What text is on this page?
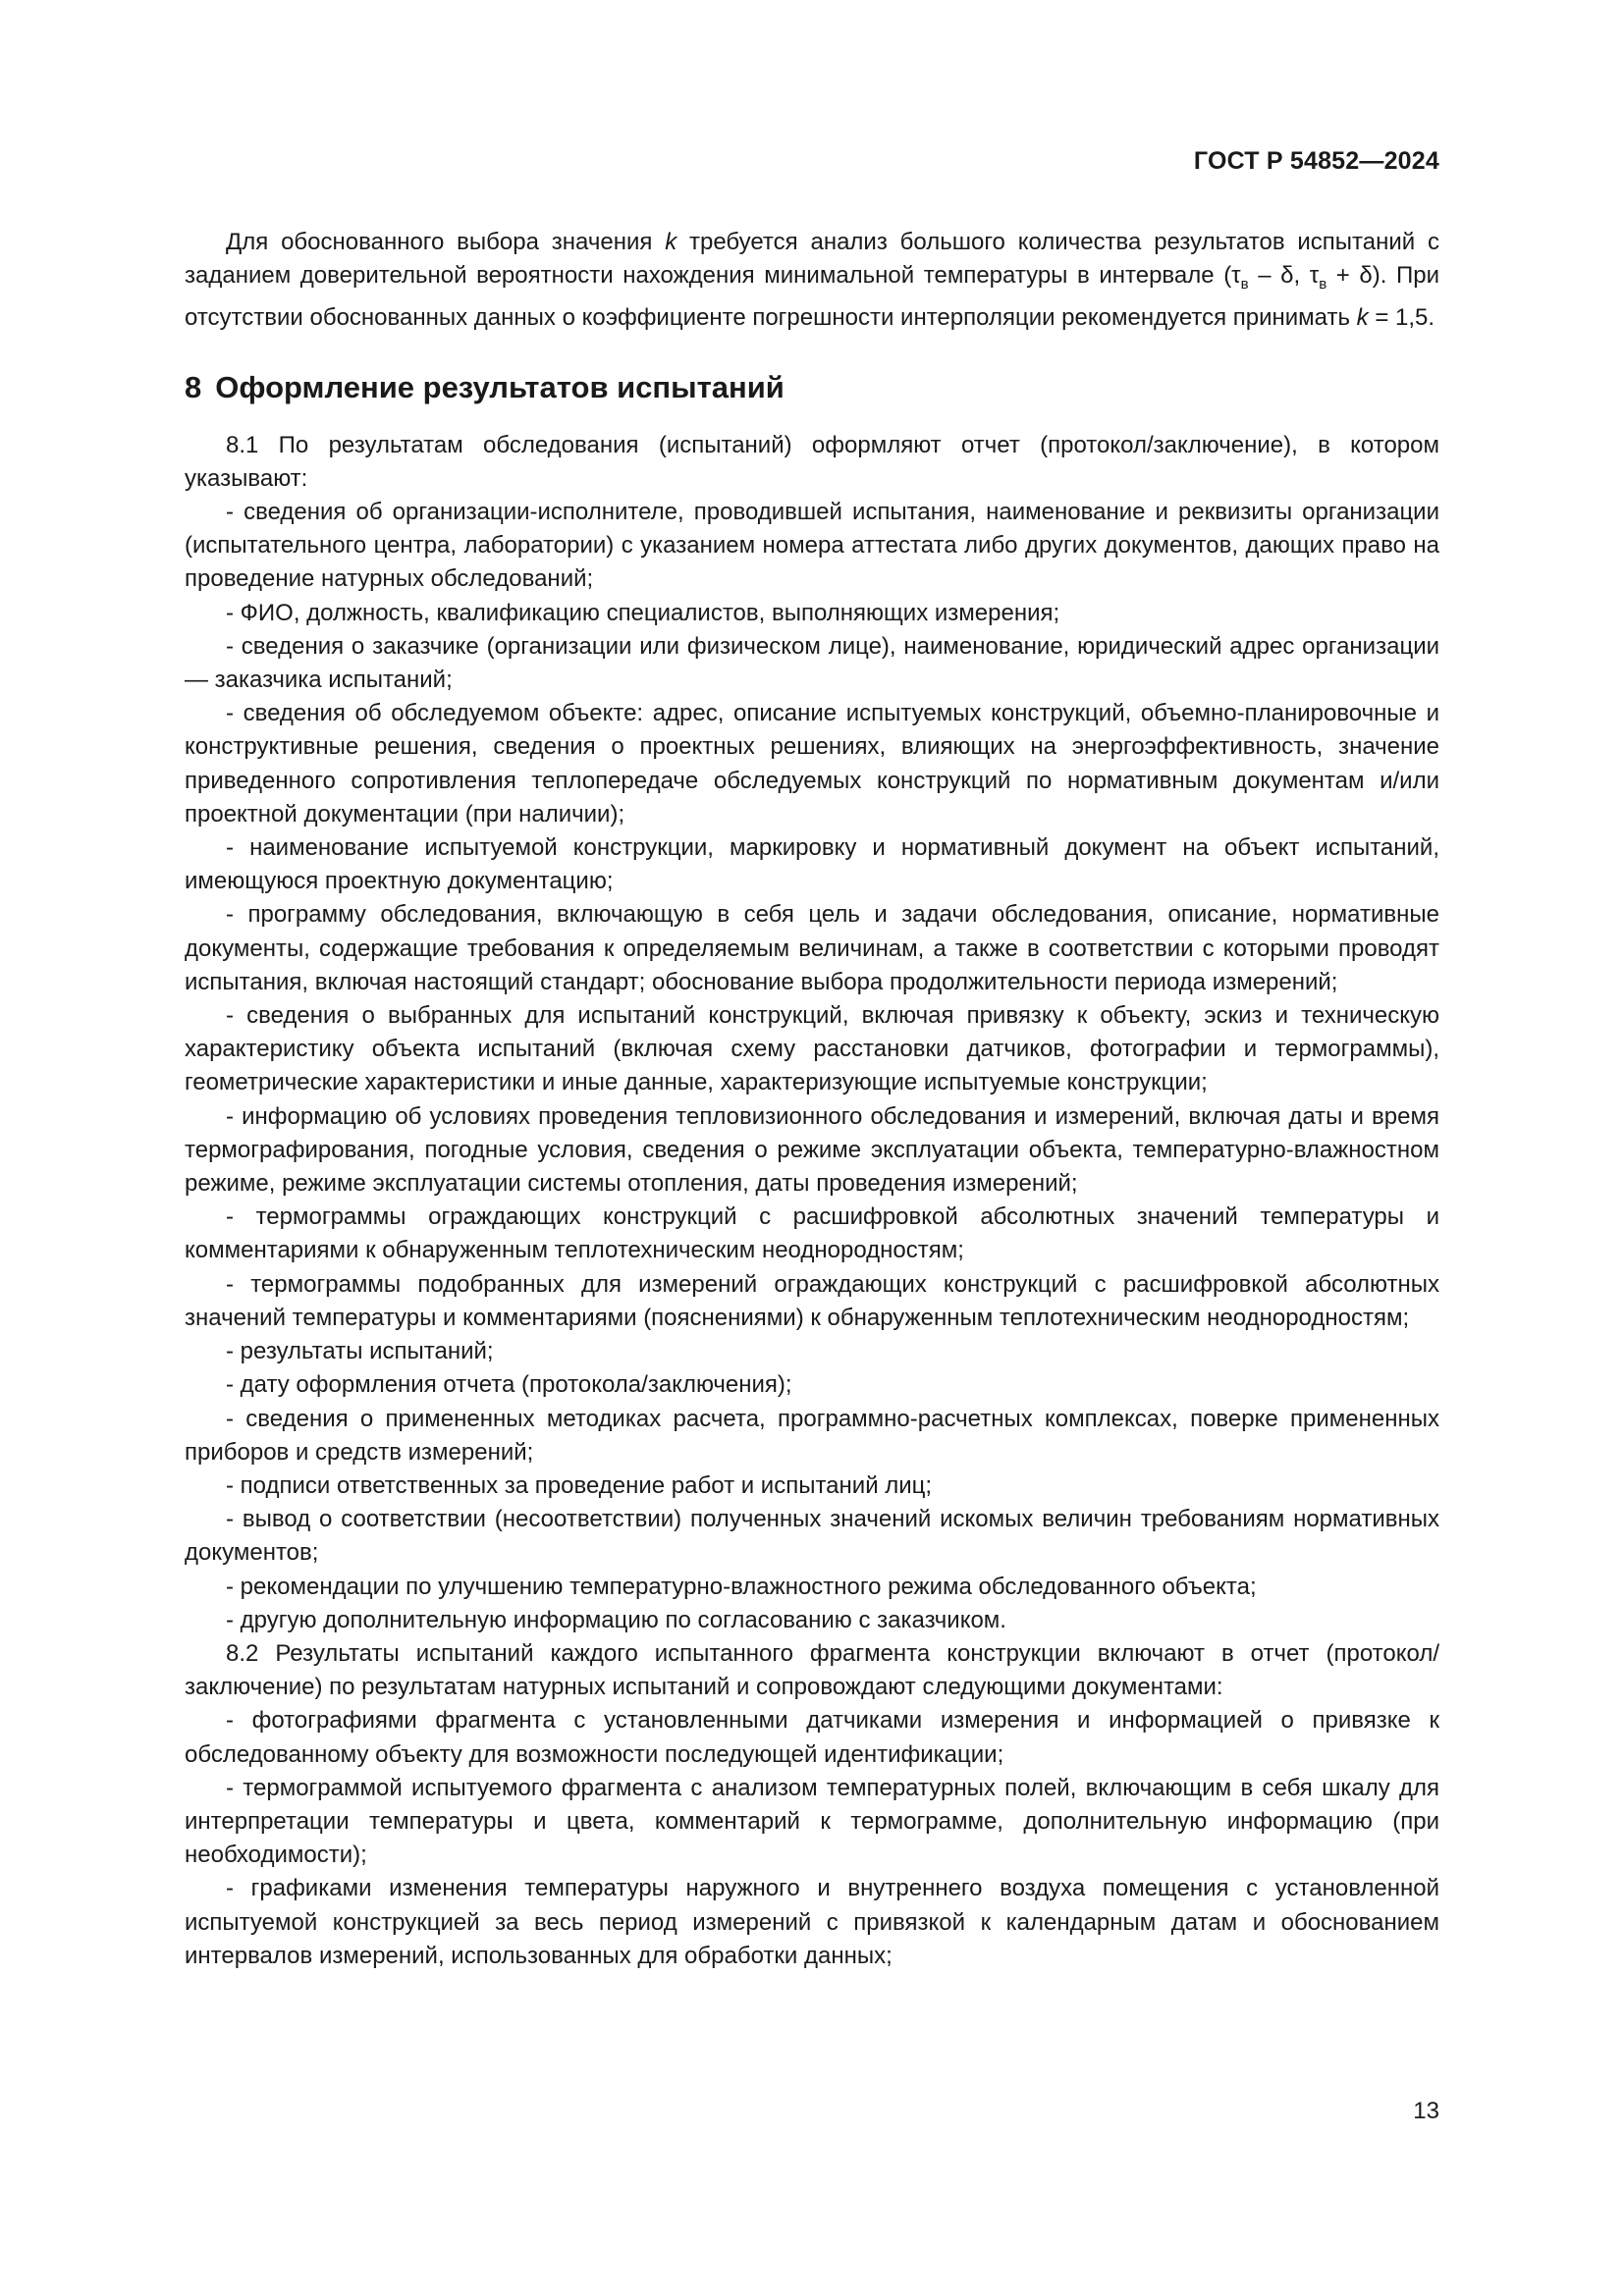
ГОСТ Р 54852—2024

Для обоснованного выбора значения k требуется анализ большого количества результатов испытаний с заданием доверительной вероятности нахождения минимальной температуры в интервале ($\tau_в$ – δ, $\tau_в + \delta$). При отсутствии обоснованных данных о коэффициенте погрешности интерполяции рекомендуется принимать k = 1,5.

8 Оформление результатов испытаний

8.1 По результатам обследования (испытаний) оформляют отчет (протокол/заключение), в котором указывают:

- сведения об организации-исполнителе, проводившей испытания, наименование и реквизиты организации (испытательного центра, лаборатории) с указанием номера аттестата либо других документов, дающих право на проведение натурных обследований;

- ФИО, должность, квалификацию специалистов, выполняющих измерения;

- сведения о заказчике (организации или физическом лице), наименование, юридический адрес организации — заказчика испытаний;

- сведения об обследуемом объекте: адрес, описание испытуемых конструкций, объемно-планировочные и конструктивные решения, сведения о проектных решениях, влияющих на энергоэффективность, значение приведенного сопротивления теплопередаче обследуемых конструкций по нормативным документам и/или проектной документации (при наличии);

- наименование испытуемой конструкции, маркировку и нормативный документ на объект испытаний, имеющуюся проектную документацию;

- программу обследования, включающую в себя цель и задачи обследования, описание, нормативные документы, содержащие требования к определяемым величинам, а также в соответствии с которыми проводят испытания, включая настоящий стандарт; обоснование выбора продолжительности периода измерений;

- сведения о выбранных для испытаний конструкций, включая привязку к объекту, эскиз и техническую характеристику объекта испытаний (включая схему расстановки датчиков, фотографии и термограммы), геометрические характеристики и иные данные, характеризующие испытуемые конструкции;

- информацию об условиях проведения тепловизионного обследования и измерений, включая даты и время термографирования, погодные условия, сведения о режиме эксплуатации объекта, температурно-влажностном режиме, режиме эксплуатации системы отопления, даты проведения измерений;

- термограммы ограждающих конструкций с расшифровкой абсолютных значений температуры и комментариями к обнаруженным теплотехническим неоднородностям;

- термограммы подобранных для измерений ограждающих конструкций с расшифровкой абсолютных значений температуры и комментариями (пояснениями) к обнаруженным теплотехническим неоднородностям;

- результаты испытаний;

- дату оформления отчета (протокола/заключения);

- сведения о примененных методиках расчета, программно-расчетных комплексах, поверке примененных приборов и средств измерений;

- подписи ответственных за проведение работ и испытаний лиц;

- вывод о соответствии (несоответствии) полученных значений искомых величин требованиям нормативных документов;

- рекомендации по улучшению температурно-влажностного режима обследованного объекта;

- другую дополнительную информацию по согласованию с заказчиком.

8.2 Результаты испытаний каждого испытанного фрагмента конструкции включают в отчет (протокол/заключение) по результатам натурных испытаний и сопровождают следующими документами:

- фотографиями фрагмента с установленными датчиками измерения и информацией о привязке к обследованному объекту для возможности последующей идентификации;

- термограммой испытуемого фрагмента с анализом температурных полей, включающим в себя шкалу для интерпретации температуры и цвета, комментарий к термограмме, дополнительную информацию (при необходимости);

- графиками изменения температуры наружного и внутреннего воздуха помещения с установленной испытуемой конструкцией за весь период измерений с привязкой к календарным датам и обоснованием интервалов измерений, использованных для обработки данных;

13
